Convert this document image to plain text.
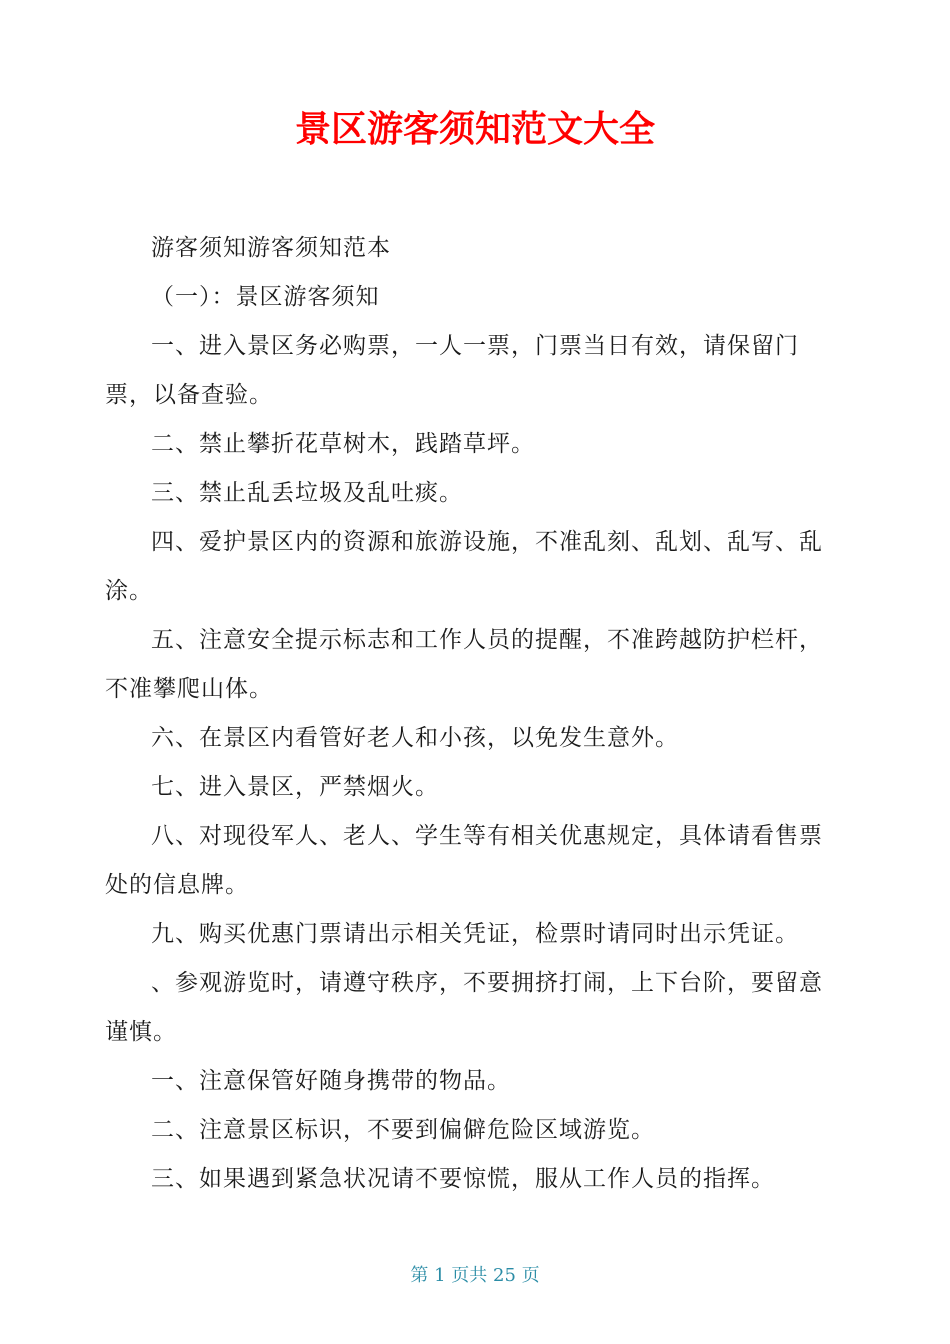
景区游客须知范文大全

游客须知游客须知范本

（一）：景区游客须知

一、进入景区务必购票，一人一票，门票当日有效，请保留门票，以备查验。

二、禁止攀折花草树木，践踏草坪。

三、禁止乱丢垃圾及乱吐痰。

四、爱护景区内的资源和旅游设施，不准乱刻、乱划、乱写、乱涂。

五、注意安全提示标志和工作人员的提醒，不准跨越防护栏杆，不准攀爬山体。

六、在景区内看管好老人和小孩，以免发生意外。

七、进入景区，严禁烟火。

八、对现役军人、老人、学生等有相关优惠规定，具体请看售票处的信息牌。

九、购买优惠门票请出示相关凭证，检票时请同时出示凭证。

、参观游览时，请遵守秩序，不要拥挤打闹，上下台阶，要留意谨慎。

一、注意保管好随身携带的物品。

二、注意景区标识，不要到偏僻危险区域游览。

三、如果遇到紧急状况请不要惊慌，服从工作人员的指挥。

第 1 页共 25 页
